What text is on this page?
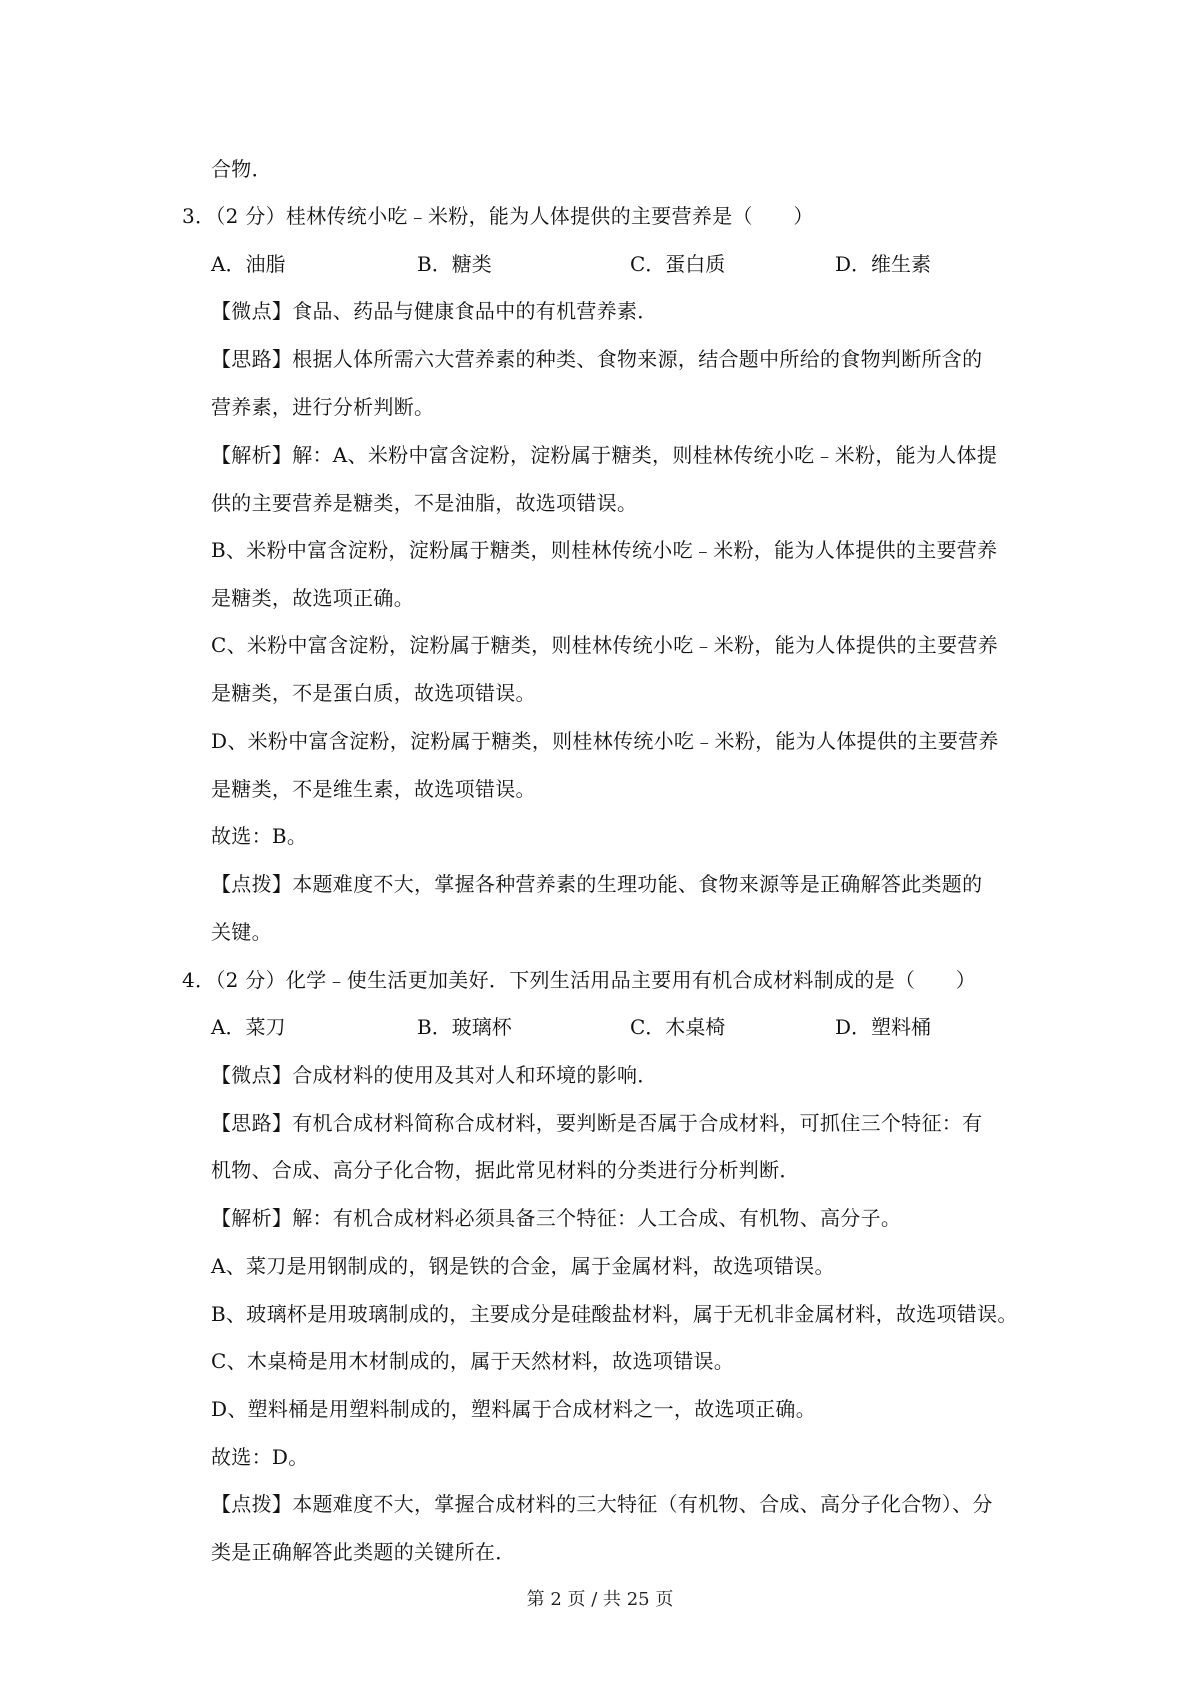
合物．
3．（2 分）桂林传统小吃﹣米粉，能为人体提供的主要营养是（　　）
A．油脂	B．糖类	C．蛋白质	D．维生素
【微点】食品、药品与健康食品中的有机营养素．
【思路】根据人体所需六大营养素的种类、食物来源，结合题中所给的食物判断所含的
营养素，进行分析判断。
【解析】解：A、米粉中富含淀粉，淀粉属于糖类，则桂林传统小吃﹣米粉，能为人体提
供的主要营养是糖类，不是油脂，故选项错误。
B、米粉中富含淀粉，淀粉属于糖类，则桂林传统小吃﹣米粉，能为人体提供的主要营养
是糖类，故选项正确。
C、米粉中富含淀粉，淀粉属于糖类，则桂林传统小吃﹣米粉，能为人体提供的主要营养
是糖类，不是蛋白质，故选项错误。
D、米粉中富含淀粉，淀粉属于糖类，则桂林传统小吃﹣米粉，能为人体提供的主要营养
是糖类，不是维生素，故选项错误。
故选：B。
【点拨】本题难度不大，掌握各种营养素的生理功能、食物来源等是正确解答此类题的
关键。
4．（2 分）化学﹣使生活更加美好．下列生活用品主要用有机合成材料制成的是（　　）
A．菜刀	B．玻璃杯	C．木桌椅	D．塑料桶
【微点】合成材料的使用及其对人和环境的影响．
【思路】有机合成材料简称合成材料，要判断是否属于合成材料，可抓住三个特征：有
机物、合成、高分子化合物，据此常见材料的分类进行分析判断．
【解析】解：有机合成材料必须具备三个特征：人工合成、有机物、高分子。
A、菜刀是用钢制成的，钢是铁的合金，属于金属材料，故选项错误。
B、玻璃杯是用玻璃制成的，主要成分是硅酸盐材料，属于无机非金属材料，故选项错误。
C、木桌椅是用木材制成的，属于天然材料，故选项错误。
D、塑料桶是用塑料制成的，塑料属于合成材料之一，故选项正确。
故选：D。
【点拨】本题难度不大，掌握合成材料的三大特征（有机物、合成、高分子化合物）、分
类是正确解答此类题的关键所在．
第 2 页 / 共 25 页
